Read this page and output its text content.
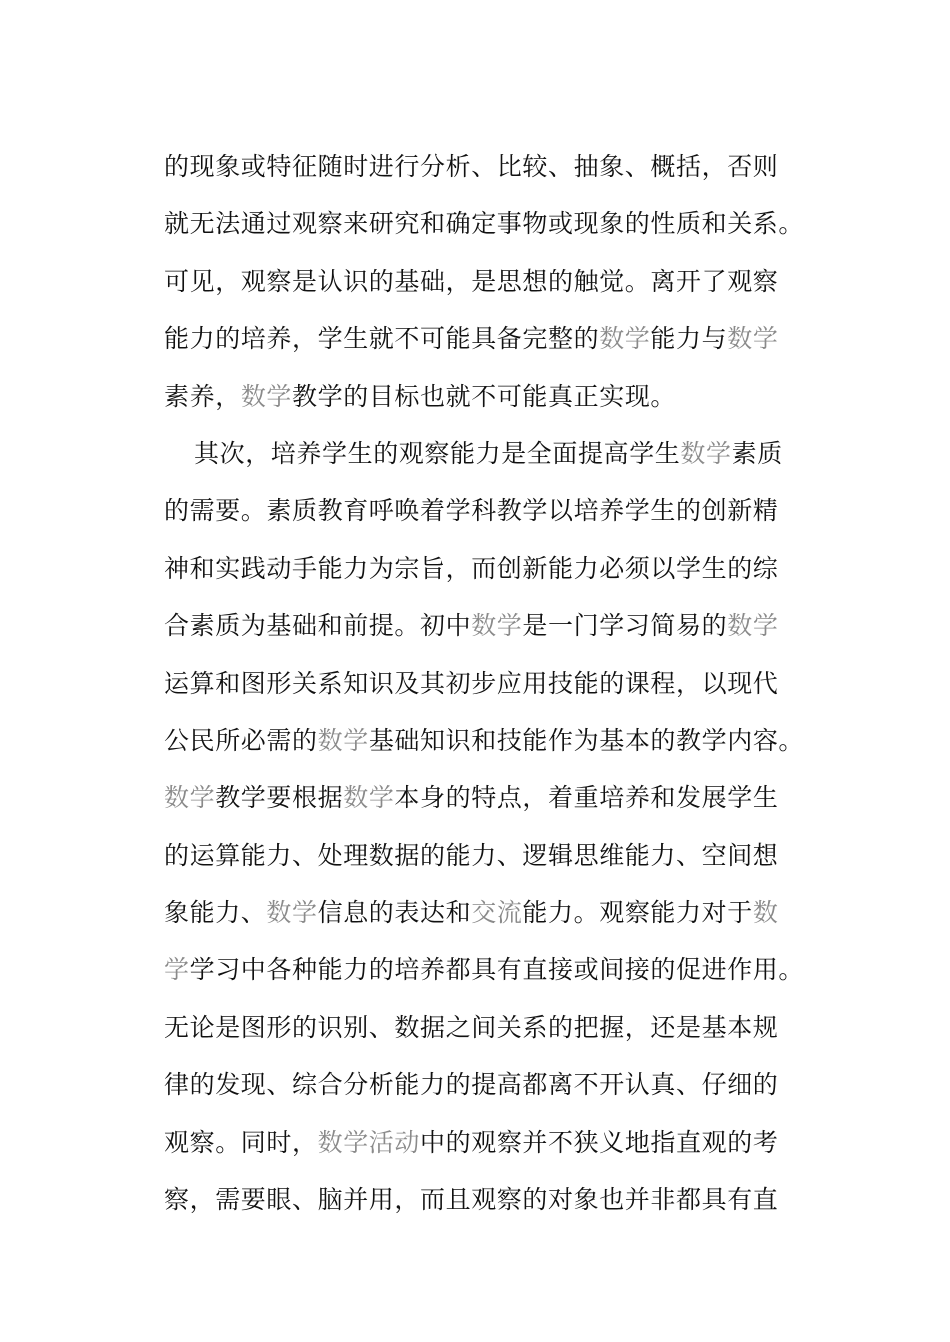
的现象或特征随时进行分析、比较、抽象、概括，否则
就无法通过观察来研究和确定事物或现象的性质和关系。
可见，观察是认识的基础，是思想的触觉。离开了观察
能力的培养，学生就不可能具备完整的数学能力与数学
素养，数学教学的目标也就不可能真正实现。
其次，培养学生的观察能力是全面提高学生数学素质
的需要。素质教育呼唤着学科教学以培养学生的创新精
神和实践动手能力为宗旨，而创新能力必须以学生的综
合素质为基础和前提。初中数学是一门学习简易的数学
运算和图形关系知识及其初步应用技能的课程，以现代
公民所必需的数学基础知识和技能作为基本的教学内容。
数学教学要根据数学本身的特点，着重培养和发展学生
的运算能力、处理数据的能力、逻辑思维能力、空间想
象能力、数学信息的表达和交流能力。观察能力对于数
学学习中各种能力的培养都具有直接或间接的促进作用。
无论是图形的识别、数据之间关系的把握，还是基本规
律的发现、综合分析能力的提高都离不开认真、仔细的
观察。同时，数学活动中的观察并不狭义地指直观的考
察，需要眼、脑并用，而且观察的对象也并非都具有直
